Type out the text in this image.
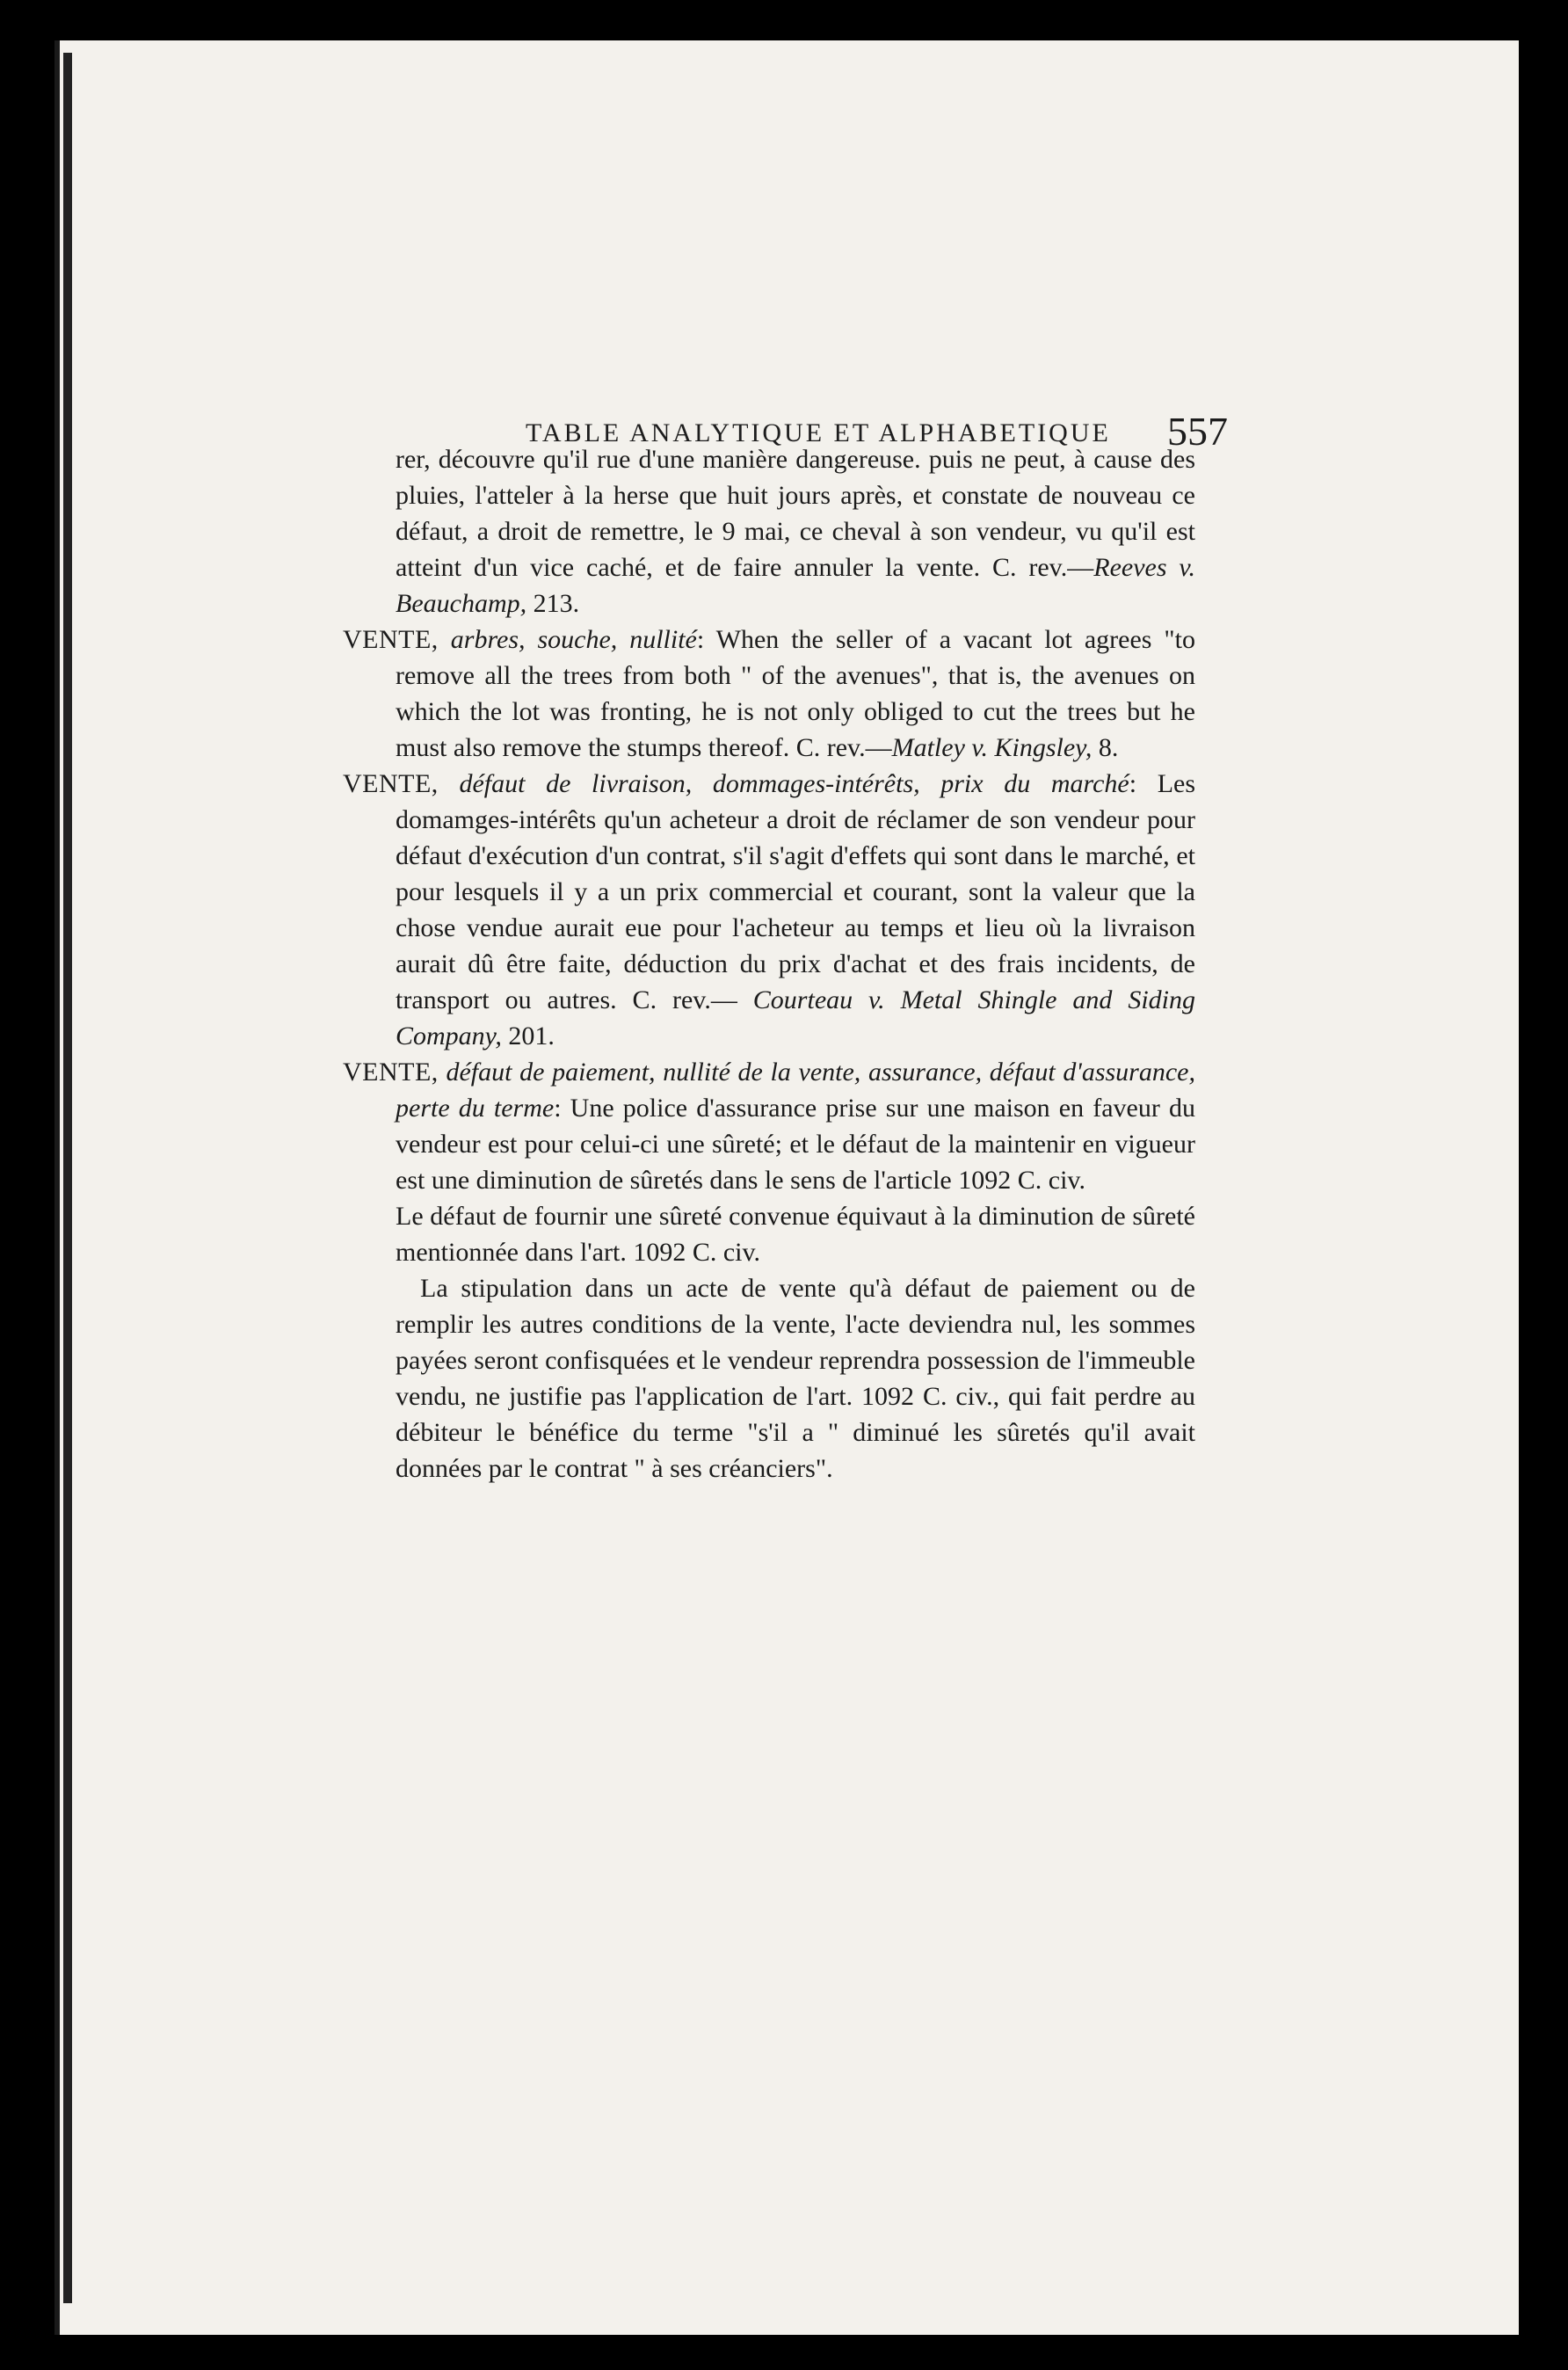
TABLE ANALYTIQUE ET ALPHABETIQUE 557

rer, découvre qu'il rue d'une manière dangereuse. puis ne peut, à cause des pluies, l'atteler à la herse que huit jours après, et constate de nouveau ce défaut, a droit de remettre, le 9 mai, ce cheval à son vendeur, vu qu'il est atteint d'un vice caché, et de faire annuler la vente. C. rev.—Reeves v. Beauchamp, 213.

VENTE, arbres, souche, nullité: When the seller of a vacant lot agrees "to remove all the trees from both " of the avenues", that is, the avenues on which the lot was fronting, he is not only obliged to cut the trees but he must also remove the stumps thereof. C. rev.—Matley v. Kingsley, 8.

VENTE, défaut de livraison, dommages-intérêts, prix du marché: Les domamges-intérêts qu'un acheteur a droit de réclamer de son vendeur pour défaut d'exécution d'un contrat, s'il s'agit d'effets qui sont dans le marché, et pour lesquels il y a un prix commercial et courant, sont la valeur que la chose vendue aurait eue pour l'acheteur au temps et lieu où la livraison aurait dû être faite, déduction du prix d'achat et des frais incidents, de transport ou autres. C. rev.— Courteau v. Metal Shingle and Siding Company, 201.

VENTE, défaut de paiement, nullité de la vente, assurance, défaut d'assurance, perte du terme: Une police d'assurance prise sur une maison en faveur du vendeur est pour celui-ci une sûreté; et le défaut de la maintenir en vigueur est une diminution de sûretés dans le sens de l'article 1092 C. civ.

Le défaut de fournir une sûreté convenue équivaut à la diminution de sûreté mentionnée dans l'art. 1092 C. civ.

La stipulation dans un acte de vente qu'à défaut de paiement ou de remplir les autres conditions de la vente, l'acte deviendra nul, les sommes payées seront confisquées et le vendeur reprendra possession de l'immeuble vendu, ne justifie pas l'application de l'art. 1092 C. civ., qui fait perdre au débiteur le bénéfice du terme "s'il a " diminué les sûretés qu'il avait données par le contrat " à ses créanciers".
